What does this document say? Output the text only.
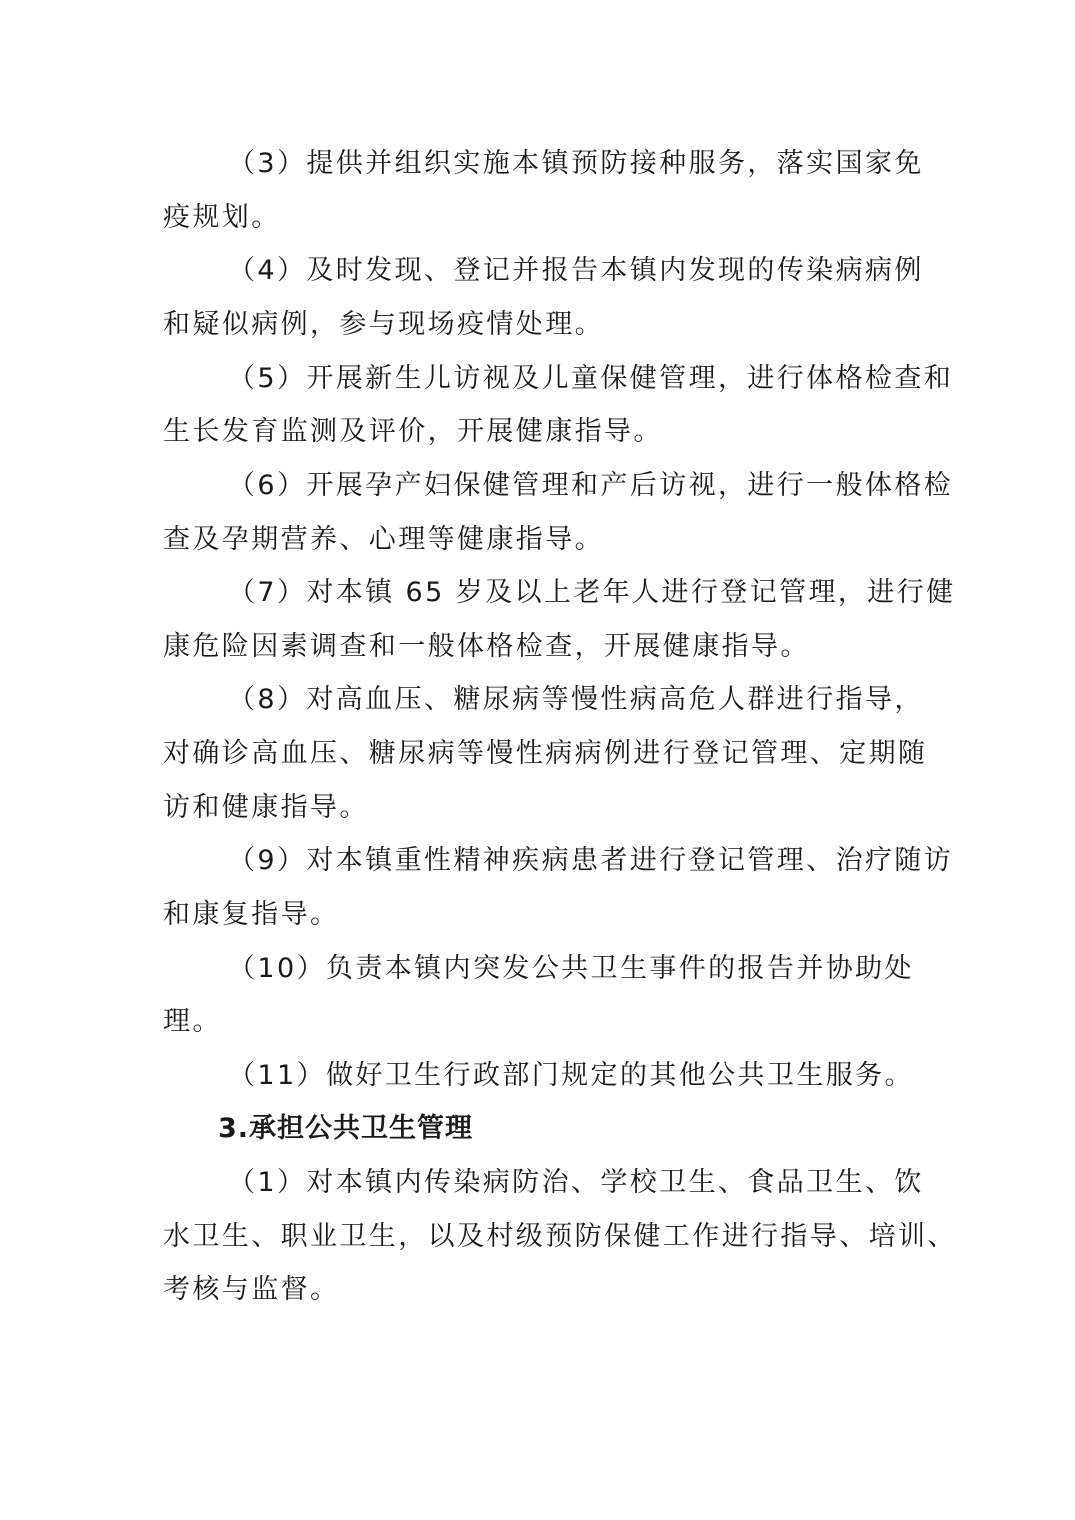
（3）提供并组织实施本镇预防接种服务，落实国家免
疫规划。
（4）及时发现、登记并报告本镇内发现的传染病病例
和疑似病例，参与现场疫情处理。
（5）开展新生儿访视及儿童保健管理，进行体格检查和
生长发育监测及评价，开展健康指导。
（6）开展孕产妇保健管理和产后访视，进行一般体格检
查及孕期营养、心理等健康指导。
（7）对本镇 65 岁及以上老年人进行登记管理，进行健
康危险因素调查和一般体格检查，开展健康指导。
（8）对高血压、糖尿病等慢性病高危人群进行指导，
对确诊高血压、糖尿病等慢性病病例进行登记管理、定期随
访和健康指导。
（9）对本镇重性精神疾病患者进行登记管理、治疗随访
和康复指导。
（10）负责本镇内突发公共卫生事件的报告并协助处
理。
（11）做好卫生行政部门规定的其他公共卫生服务。
3.承担公共卫生管理
（1）对本镇内传染病防治、学校卫生、食品卫生、饮
水卫生、职业卫生，以及村级预防保健工作进行指导、培训、
考核与监督。
